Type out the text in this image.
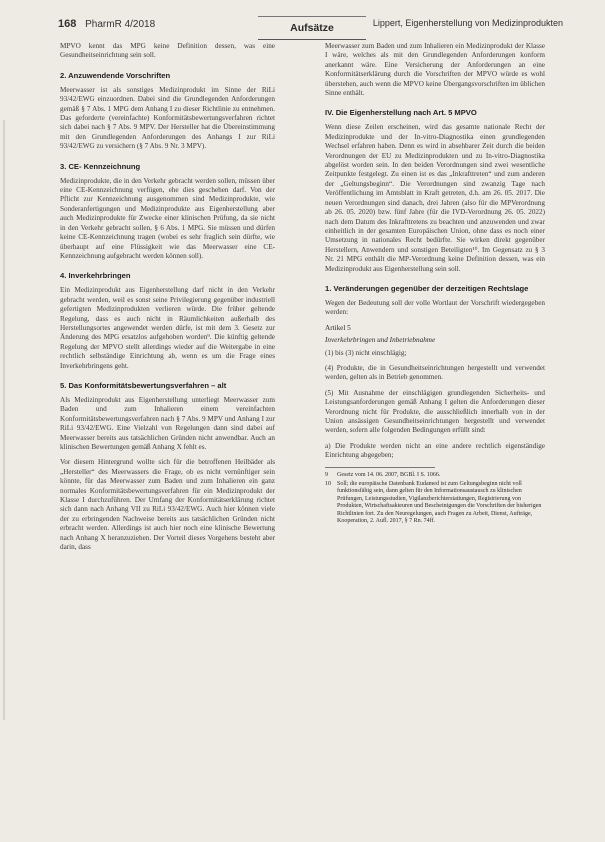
168 PharmR 4/2018	Aufsätze	Lippert, Eigenherstellung von Medizinprodukten

MPVO kennt das MPG keine Definition dessen, was eine Gesundheitseinrichtung sein soll.

2. Anzuwendende Vorschriften

Meerwasser ist als sonstiges Medizinprodukt im Sinne der RiLi 93/42/EWG einzuordnen. Dabei sind die Grundlegenden Anforderungen gemäß § 7 Abs. 1 MPG dem Anhang I zu dieser Richtlinie zu entnehmen. Das geforderte (vereinfachte) Konformitätsbewertungsverfahren richtet sich dabei nach § 7 Abs. 9 MPV. Der Hersteller hat die Übereinstimmung mit den Grundlegenden Anforderungen des Anhangs I zur RiLi 93/42/EWG zu versichern (§ 7 Abs. 9 Nr. 3 MPV).

3. CE- Kennzeichnung

Medizinprodukte, die in den Verkehr gebracht werden sollen, müssen über eine CE-Kennzeichnung verfügen, ehe dies geschehen darf. Von der Pflicht zur Kennzeichnung ausgenommen sind Medizinprodukte, wie Sonderanfertigungen und Medizinprodukte aus Eigenherstellung aber auch Medizinprodukte für Zwecke einer klinischen Prüfung, da sie nicht in den Verkehr gebracht sollen, § 6 Abs. 1 MPG. Sie müssen und dürfen keine CE-Kennzeichnung tragen (wobei es sehr fraglich sein dürfte, wie überhaupt auf eine Flüssigkeit wie das Meerwasser eine CE-Kennzeichnung aufgebracht werden können soll).

4. Inverkehrbringen

Ein Medizinprodukt aus Eigenherstellung darf nicht in den Verkehr gebracht werden, weil es sonst seine Privilegierung gegenüber industriell gefertigten Medizinprodukten verlieren würde. Die früher geltende Regelung, dass es auch nicht in Räumlichkeiten außerhalb des Herstellungsortes angewendet werden dürfe, ist mit dem 3. Gesetz zur Änderung des MPG ersatzlos aufgehoben worden⁹. Die künftig geltende Regelung der MPVO stellt allerdings wieder auf die Weitergabe in eine rechtlich selbständige Einrichtung ab, wenn es um die Frage eines Inverkehrbringens geht.

5. Das Konformitätsbewertungsverfahren – alt

Als Medizinprodukt aus Eigenherstellung unterliegt Meerwasser zum Baden und zum Inhalieren einem vereinfachten Konformitätsbewertungsverfahren nach § 7 Abs. 9 MPV und Anhang I zur RiLi 93/42/EWG. Eine Vielzahl von Regelungen dann sind dabei auf Meerwasser bereits aus tatsächlichen Gründen nicht anwendbar. Auch an klinischen Bewertungen gemäß Anhang X fehlt es.

Vor diesem Hintergrund wollte sich für die betroffenen Heilbäder als „Hersteller“ des Meerwassers die Frage, ob es nicht vernünftiger sein könnte, für das Meerwasser zum Baden und zum Inhalieren ein ganz normales Konformitätsbewertungsverfahren für ein Medizinprodukt der Klasse I durchzuführen. Der Umfang der Konformitätserklärung richtet sich dann nach Anhang VII zu RiLi 93/42/EWG. Auch hier können viele der zu erbringenden Nachweise bereits aus tatsächlichen Gründen nicht erbracht werden. Allerdings ist auch hier noch eine klinische Bewertung nach Anhang X heranzuziehen. Der Vorteil dieses Vorgehens besteht aber darin, dass

Meerwasser zum Baden und zum Inhalieren ein Medizinprodukt der Klasse I wäre, welches als mit den Grundlegenden Anforderungen konform anerkannt wäre. Eine Versicherung der Anforderungen an eine Konformitätserklärung durch die Vorschriften der MPVO würde es wohl überstehen, auch wenn die MPVO keine Übergangsvorschriften im üblichen Sinne enthält.

IV. Die Eigenherstellung nach Art. 5 MPVO

Wenn diese Zeilen erscheinen, wird das gesamte nationale Recht der Medizinprodukte und der In-vitro-Diagnostika einen grundlegenden Wechsel erfahren haben. Denn es wird in absehbarer Zeit durch die beiden Verordnungen der EU zu Medizinprodukten und zu In-vitro-Diagnostika abgelöst worden sein. In den beiden Verordnungen sind zwei wesentliche Zeitpunkte festgelegt. Zu einen ist es das „Inkrafttreten“ und zum anderen der „Geltungsbeginn“. Die Verordnungen sind zwanzig Tage nach Veröffentlichung im Amtsblatt in Kraft getreten, d.h. am 26. 05. 2017. Die neuen Verordnungen sind danach, drei Jahren (also für die MPVerordnung ab 26. 05. 2020) bzw. fünf Jahre (für die IVD-Verordnung 26. 05. 2022) nach dem Datum des Inkrafttretens zu beachten und anzuwenden und zwar einheitlich in der gesamten Europäischen Union, ohne dass es noch einer Umsetzung in nationales Recht bedürfte. Sie wirken direkt gegenüber Herstellern, Anwendern und sonstigen Beteiligten¹⁰. Im Gegensatz zu § 3 Nr. 21 MPG enthält die MP-Verordnung keine Definition dessen, was ein Medizinprodukt aus Eigenherstellung sein soll.

1. Veränderungen gegenüber der derzeitigen Rechtslage

Wegen der Bedeutung soll der volle Wortlaut der Vorschrift wiedergegeben werden:

Artikel 5
Inverkehrbringen und Inbetriebnahme

(1) bis (3) nicht einschlägig;

(4) Produkte, die in Gesundheitseinrichtungen hergestellt und verwendet werden, gelten als in Betrieb genommen.

(5) Mit Ausnahme der einschlägigen grundlegenden Sicherheits- und Leistungsanforderungen gemäß Anhang I gelten die Anforderungen dieser Verordnung nicht für Produkte, die ausschließlich innerhalb von in der Union ansässigen Gesundheitseinrichtungen hergestellt und verwendet werden, sofern alle folgenden Bedingungen erfüllt sind:

a) Die Produkte werden nicht an eine andere rechtlich eigenständige Einrichtung abgegeben;

9	Gesetz vom 14. 06. 2007, BGBl. I S. 1066.
10	Soll; die europäische Datenbank Eudamed ist zum Geltungsbeginn nicht voll funktionsfähig sein, dann gelten für den Informationsaustausch zu klinischen Prüfungen, Leistungsstudien, Vigilanzberichterstattungen, Registrierung von Produkten, Wirtschaftsakteuren und Bescheinigungen die Vorschriften der bisherigen Richtlinien fort. Zu den Neuregelungen, auch Fragen zu Arbeit, Dienst, Aufträge, Kooperation, 2. Aufl. 2017, § 7 Rn. 74ff.
